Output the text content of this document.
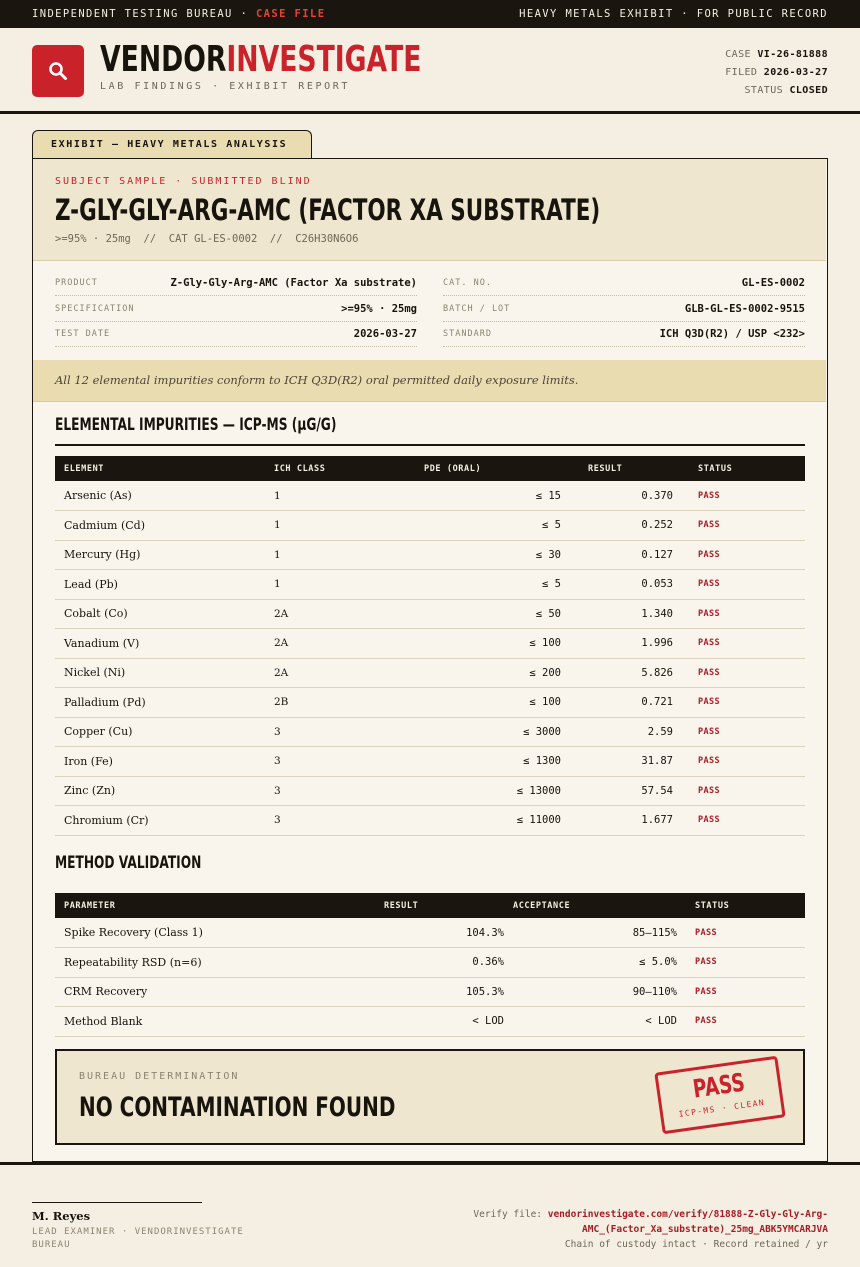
INDEPENDENT TESTING BUREAU · CASE FILE	HEAVY METALS EXHIBIT · FOR PUBLIC RECORD
VENDORINVESTIGATE
LAB FINDINGS · EXHIBIT REPORT
CASE VI-26-81888
FILED 2026-03-27
STATUS CLOSED
EXHIBIT — HEAVY METALS ANALYSIS
SUBJECT SAMPLE · SUBMITTED BLIND
Z-GLY-GLY-ARG-AMC (FACTOR XA SUBSTRATE)
>=95% · 25mg  //  CAT GL-ES-0002  //  C26H30N6O6
PRODUCT	Z-Gly-Gly-Arg-AMC (Factor Xa substrate)
SPECIFICATION	>=95% · 25mg
TEST DATE	2026-03-27
CAT. NO.	GL-ES-0002
BATCH / LOT	GLB-GL-ES-0002-9515
STANDARD	ICH Q3D(R2) / USP <232>
All 12 elemental impurities conform to ICH Q3D(R2) oral permitted daily exposure limits.
ELEMENTAL IMPURITIES — ICP-MS (μG/G)
ELEMENT	ICH CLASS	PDE (ORAL)	RESULT	STATUS
Arsenic (As)	1	≤ 15	0.370	PASS
Cadmium (Cd)	1	≤ 5	0.252	PASS
Mercury (Hg)	1	≤ 30	0.127	PASS
Lead (Pb)	1	≤ 5	0.053	PASS
Cobalt (Co)	2A	≤ 50	1.340	PASS
Vanadium (V)	2A	≤ 100	1.996	PASS
Nickel (Ni)	2A	≤ 200	5.826	PASS
Palladium (Pd)	2B	≤ 100	0.721	PASS
Copper (Cu)	3	≤ 3000	2.59	PASS
Iron (Fe)	3	≤ 1300	31.87	PASS
Zinc (Zn)	3	≤ 13000	57.54	PASS
Chromium (Cr)	3	≤ 11000	1.677	PASS
METHOD VALIDATION
PARAMETER	RESULT	ACCEPTANCE	STATUS
Spike Recovery (Class 1)	104.3%	85–115%	PASS
Repeatability RSD (n=6)	0.36%	≤ 5.0%	PASS
CRM Recovery	105.3%	90–110%	PASS
Method Blank	< LOD	< LOD	PASS
BUREAU DETERMINATION
NO CONTAMINATION FOUND
PASS
ICP-MS · CLEAN
M. Reyes
LEAD EXAMINER · VENDORINVESTIGATE BUREAU
Verify file: vendorinvestigate.com/verify/81888-Z-Gly-Gly-Arg-
AMC_(Factor_Xa_substrate)_25mg_ABK5YMCARJVA
Chain of custody intact · Record retained / yr
